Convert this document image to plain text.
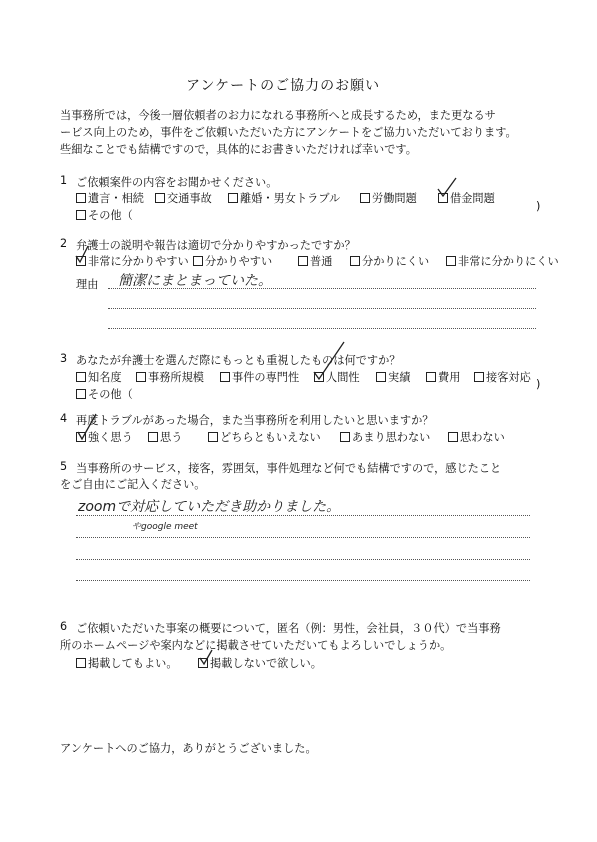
アンケートのご協力のお願い
当事務所では，今後一層依頼者のお力になれる事務所へと成長するため，また更なるサ
ービス向上のため，事件をご依頼いただいた方にアンケートをご協力いただいております。
些細なことでも結構ですので，具体的にお書きいただければ幸いです。
1 ご依頼案件の内容をお聞かせください。
遺言・相続	交通事故	離婚・男女トラブル	労働問題	借金問題
その他（
)
2 弁護士の説明や報告は適切で分かりやすかったですか？
非常に分かりやすい	分かりやすい	普通	分かりにくい	非常に分かりにくい
理由 簡潔にまとまっていた。
3 あなたが弁護士を選んだ際にもっとも重視したものは何ですか？
知名度	事務所規模	事件の専門性	人間性	実績	費用	接客対応
その他（
)
4 再度トラブルがあった場合，また当事務所を利用したいと思いますか？
強く思う	思う	どちらともいえない	あまり思わない	思わない
5 当事務所のサービス，接客，雰囲気，事件処理など何でも結構ですので，感じたこと
をご自由にご記入ください。
zoomで対応していただき助かりました。
やgoogle meet
6 ご依頼いただいた事案の概要について，匿名（例：男性，会社員，３０代）で当事務
所のホームページや案内などに掲載させていただいてもよろしいでしょうか。
掲載してもよい。	掲載しないで欲しい。
アンケートへのご協力，ありがとうございました。
